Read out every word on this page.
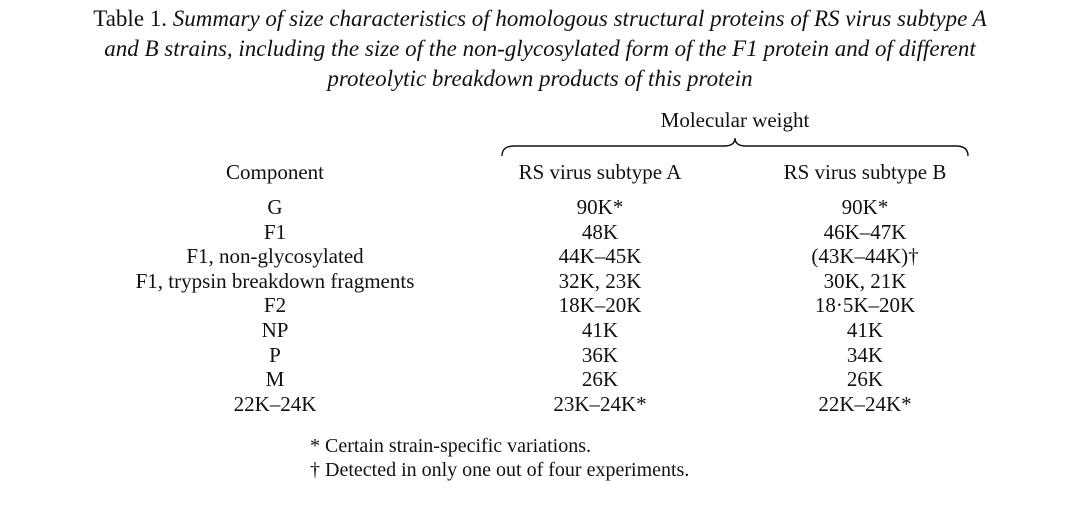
Table 1. Summary of size characteristics of homologous structural proteins of RS virus subtype A
and B strains, including the size of the non-glycosylated form of the F1 protein and of different
proteolytic breakdown products of this protein
Molecular weight
Component	RS virus subtype A	RS virus subtype B
G	90K*	90K*
F1	48K	46K–47K
F1, non-glycosylated	44K–45K	(43K–44K)†
F1, trypsin breakdown fragments	32K, 23K	30K, 21K
F2	18K–20K	18·5K–20K
NP	41K	41K
P	36K	34K
M	26K	26K
22K–24K	23K–24K*	22K–24K*
* Certain strain-specific variations.
† Detected in only one out of four experiments.
